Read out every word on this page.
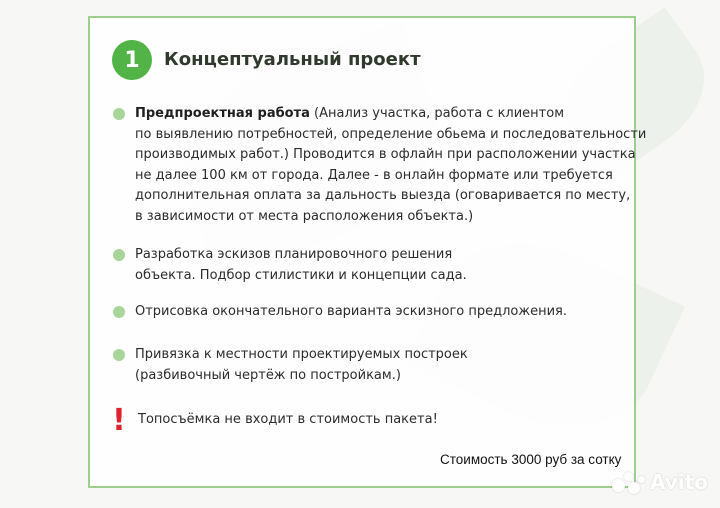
1	Концептуальный проект
Предпроектная работа (Анализ участка, работа с клиентом
по выявлению потребностей, определение обьема и последовательности
производимых работ.) Проводится в офлайн при расположении участка
не далее 100 км от города. Далее - в онлайн формате или требуется
дополнительная оплата за дальность выезда (оговаривается по месту,
в зависимости от места расположения объекта.)
Разработка эскизов планировочного решения
объекта. Подбор стилистики и концепции сада.
Отрисовка окончательного варианта эскизного предложения.
Привязка к местности проектируемых построек
(разбивочный чертёж по постройкам.)
! Топосъёмка не входит в стоимость пакета!
Стоимость 3000 руб за сотку
Avito
